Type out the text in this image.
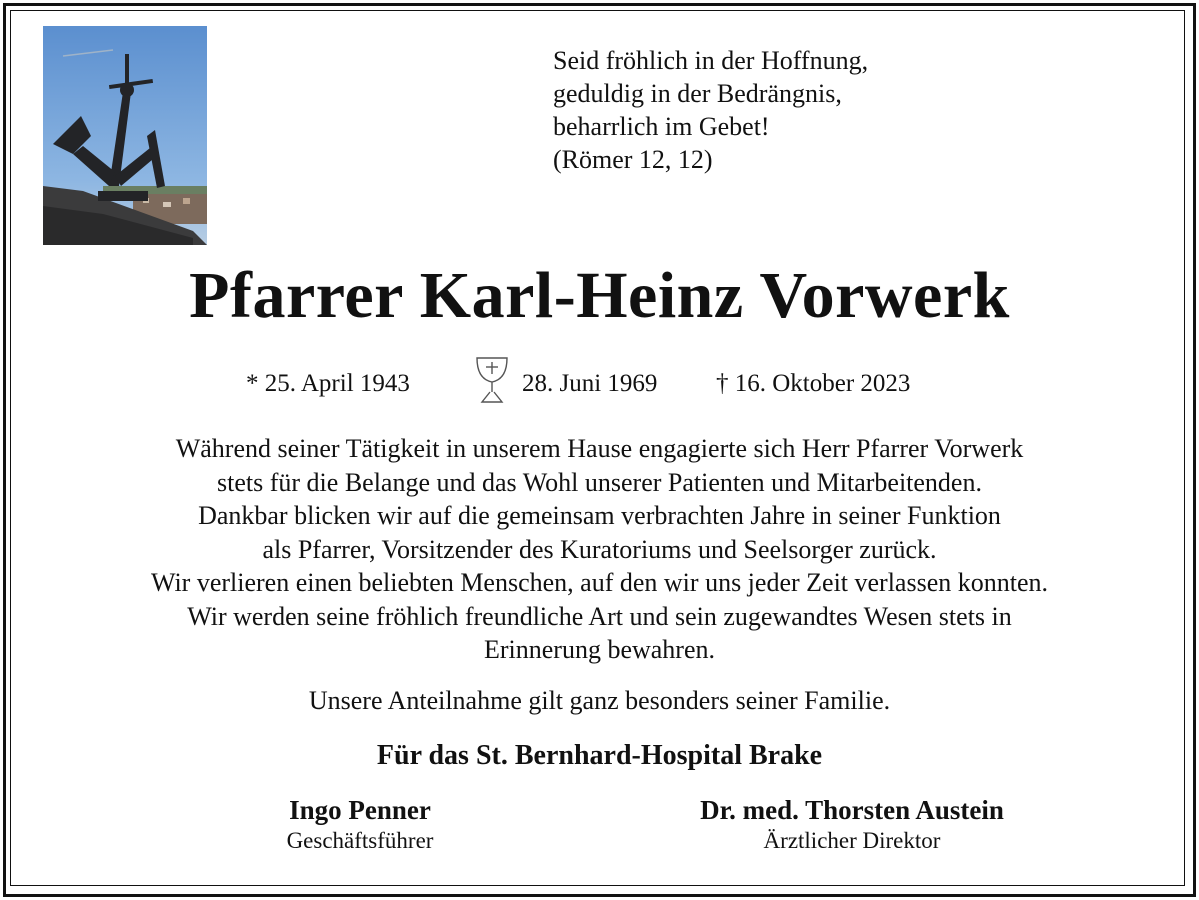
Seid fröhlich in der Hoffnung,
geduldig in der Bedrängnis,
beharrlich im Gebet!
(Römer 12, 12)
Pfarrer Karl-Heinz Vorwerk
* 25. April 1943	28. Juni 1969 † 16. Oktober 2023
Während seiner Tätigkeit in unserem Hause engagierte sich Herr Pfarrer Vorwerk
stets für die Belange und das Wohl unserer Patienten und Mitarbeitenden.
Dankbar blicken wir auf die gemeinsam verbrachten Jahre in seiner Funktion
als Pfarrer, Vorsitzender des Kuratoriums und Seelsorger zurück.
Wir verlieren einen beliebten Menschen, auf den wir uns jeder Zeit verlassen konnten.
Wir werden seine fröhlich freundliche Art und sein zugewandtes Wesen stets in
Erinnerung bewahren.
Unsere Anteilnahme gilt ganz besonders seiner Familie.
Für das St. Bernhard-Hospital Brake
Ingo Penner
Geschäftsführer
Dr. med. Thorsten Austein
Ärztlicher Direktor
